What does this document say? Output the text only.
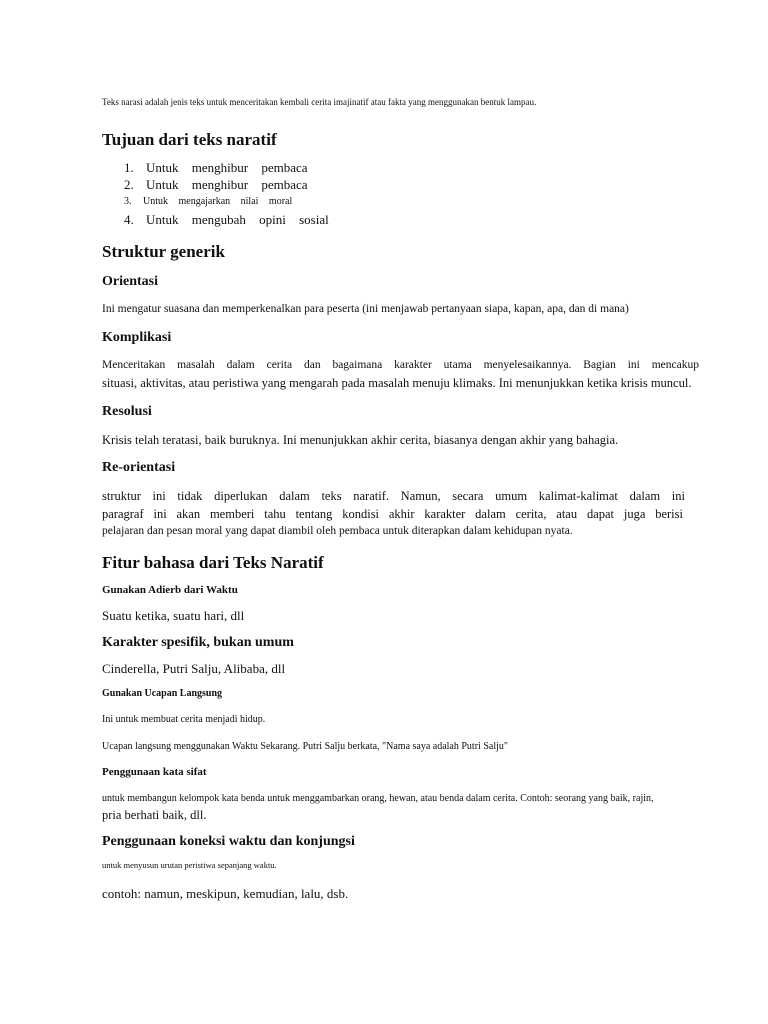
Teks narasi adalah jenis teks untuk menceritakan kembali cerita imajinatif atau fakta yang menggunakan bentuk lampau.

Tujuan dari teks naratif

1. Untuk menghibur pembaca

2. Untuk menghibur pembaca

3. Untuk mengajarkan nilai moral

4. Untuk mengubah opini sosial

Struktur generik
Orientasi

Ini mengatur suasana dan memperkenalkan para peserta (ini menjawab pertanyaan siapa, kapan, apa, dan di mana)

Komplikasi

Menceritakan masalah dalam cerita dan bagaimana karakter utama menyelesaikannya. Bagian ini mencakup

situasi, aktivitas, atau peristiwa yang mengarah pada masalah menuju klimaks. Ini menunjukkan ketika krisis muncul.

Resolusi

Krisis telah teratasi, baik buruknya. Ini menunjukkan akhir cerita, biasanya dengan akhir yang bahagia.

Re-orientasi

struktur ini tidak diperlukan dalam teks naratif. Namun, secara umum kalimat-kalimat dalam ini

paragraf ini akan memberi tahu tentang kondisi akhir karakter dalam cerita, atau dapat juga berisi

pelajaran dan pesan moral yang dapat diambil oleh pembaca untuk diterapkan dalam kehidupan nyata.

Fitur bahasa dari Teks Naratif
Gunakan Adierb dari Waktu

Suatu ketika, suatu hari, dll

Karakter spesifik, bukan umum

Cinderella, Putri Salju, Alibaba, dll

Gunakan Ucapan Langsung

Ini untuk membuat cerita menjadi hidup.

Ucapan langsung menggunakan Waktu Sekarang. Putri Salju berkata, "Nama saya adalah Putri Salju"

Penggunaan kata sifat

untuk membangun kelompok kata benda untuk menggambarkan orang, hewan, atau benda dalam cerita. Contoh: seorang yang baik, rajin,

pria berhati baik, dll.

Penggunaan koneksi waktu dan konjungsi

untuk menyusun urutan peristiwa sepanjang waktu.

contoh: namun, meskipun, kemudian, lalu, dsb.
